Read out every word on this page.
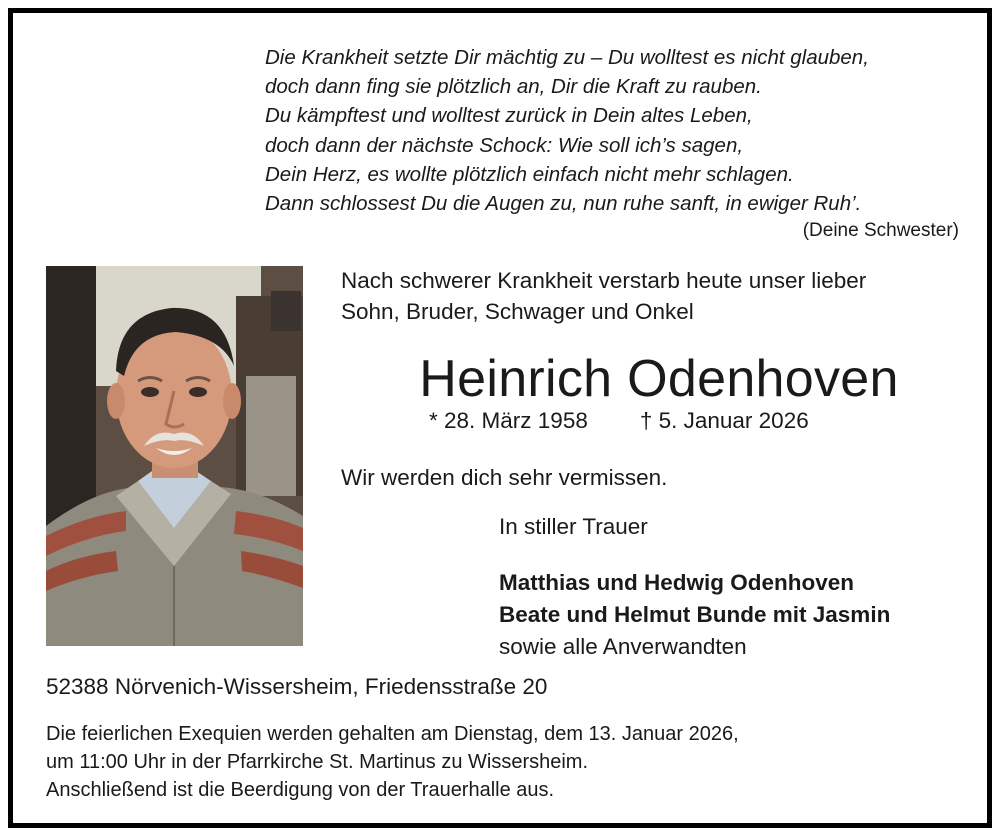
Die Krankheit setzte Dir mächtig zu – Du wolltest es nicht glauben,
doch dann fing sie plötzlich an, Dir die Kraft zu rauben.
Du kämpftest und wolltest zurück in Dein altes Leben,
doch dann der nächste Schock: Wie soll ich’s sagen,
Dein Herz, es wollte plötzlich einfach nicht mehr schlagen.
Dann schlossest Du die Augen zu, nun ruhe sanft, in ewiger Ruh’.
(Deine Schwester)
Nach schwerer Krankheit verstarb heute unser lieber
Sohn, Bruder, Schwager und Onkel
Heinrich Odenhoven
* 28. März 1958 † 5. Januar 2026
Wir werden dich sehr vermissen.
In stiller Trauer
Matthias und Hedwig Odenhoven
Beate und Helmut Bunde mit Jasmin
sowie alle Anverwandten
52388 Nörvenich-Wissersheim, Friedensstraße 20
Die feierlichen Exequien werden gehalten am Dienstag, dem 13. Januar 2026,
um 11:00 Uhr in der Pfarrkirche St. Martinus zu Wissersheim.
Anschließend ist die Beerdigung von der Trauerhalle aus.
